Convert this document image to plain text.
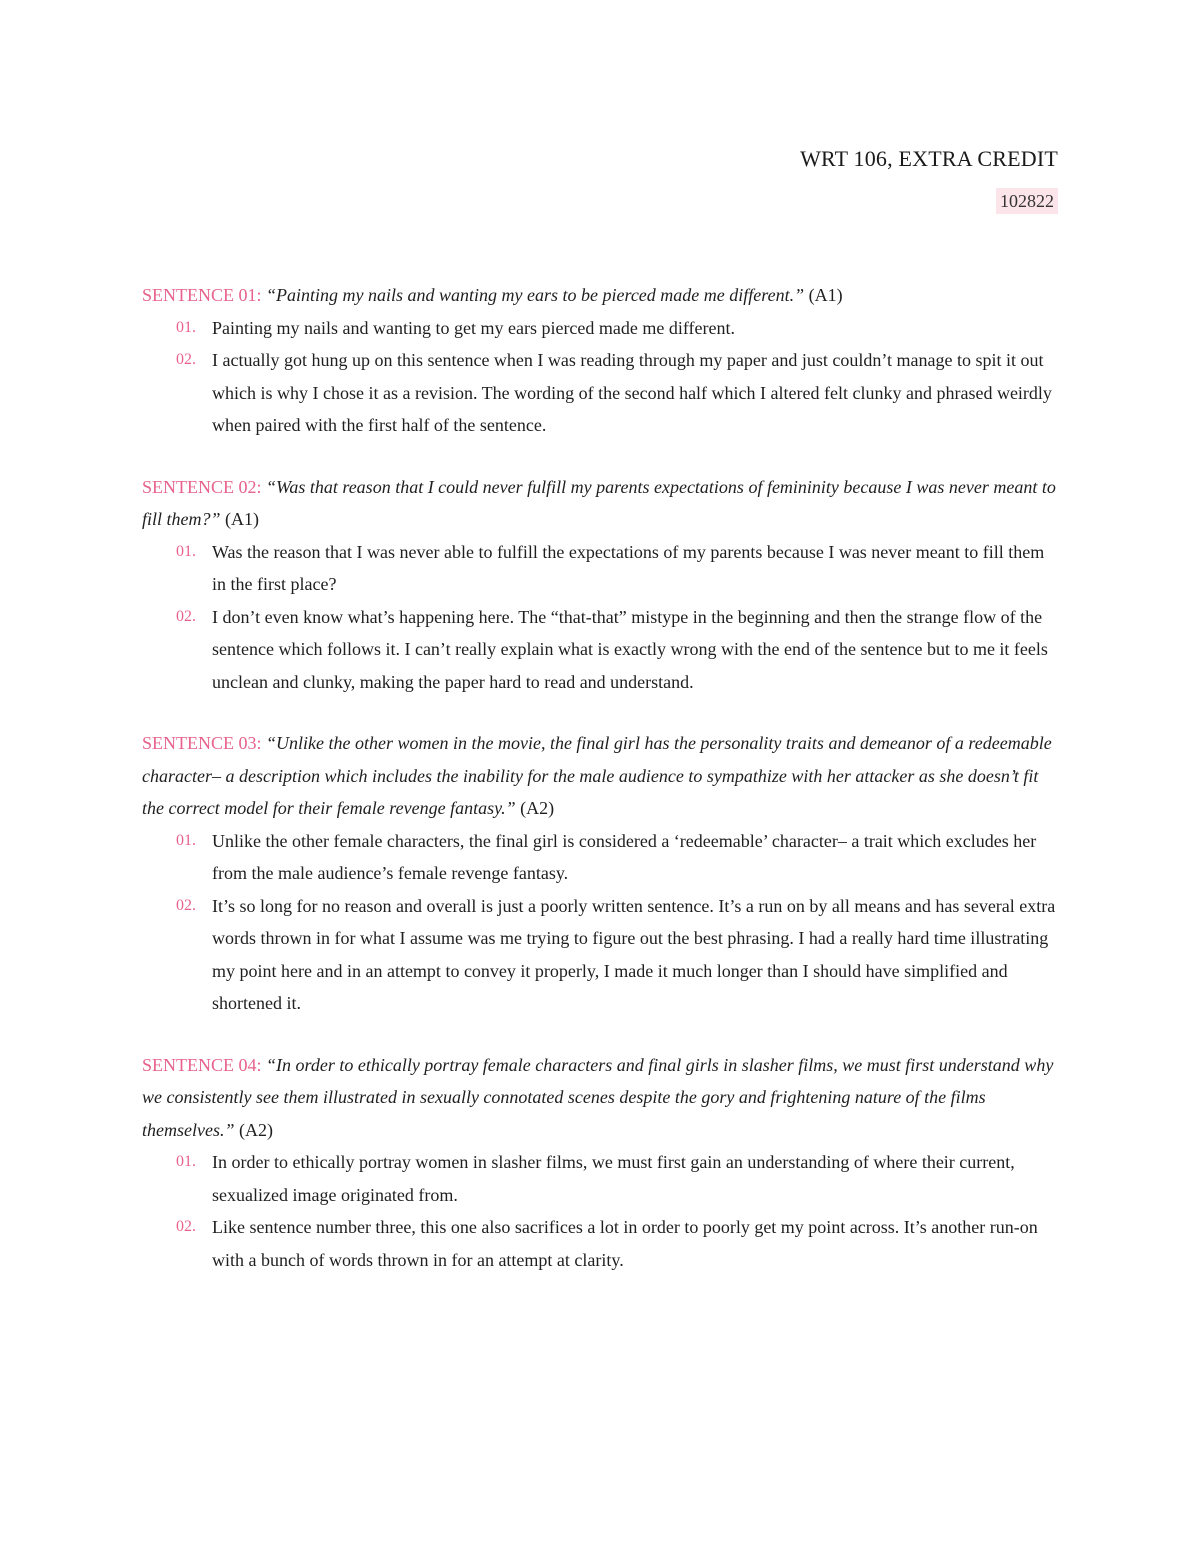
WRT 106, EXTRA CREDIT
102822
SENTENCE 01: “Painting my nails and wanting my ears to be pierced made me different.” (A1)
01. Painting my nails and wanting to get my ears pierced made me different.
02. I actually got hung up on this sentence when I was reading through my paper and just couldn’t manage to spit it out which is why I chose it as a revision. The wording of the second half which I altered felt clunky and phrased weirdly when paired with the first half of the sentence.
SENTENCE 02: “Was that reason that I could never fulfill my parents expectations of femininity because I was never meant to fill them?” (A1)
01. Was the reason that I was never able to fulfill the expectations of my parents because I was never meant to fill them in the first place?
02. I don’t even know what’s happening here. The “that-that” mistype in the beginning and then the strange flow of the sentence which follows it. I can’t really explain what is exactly wrong with the end of the sentence but to me it feels unclean and clunky, making the paper hard to read and understand.
SENTENCE 03: “Unlike the other women in the movie, the final girl has the personality traits and demeanor of a redeemable character– a description which includes the inability for the male audience to sympathize with her attacker as she doesn’t fit the correct model for their female revenge fantasy.” (A2)
01. Unlike the other female characters, the final girl is considered a ‘redeemable’ character– a trait which excludes her from the male audience’s female revenge fantasy.
02. It’s so long for no reason and overall is just a poorly written sentence. It’s a run on by all means and has several extra words thrown in for what I assume was me trying to figure out the best phrasing. I had a really hard time illustrating my point here and in an attempt to convey it properly, I made it much longer than I should have simplified and shortened it.
SENTENCE 04: “In order to ethically portray female characters and final girls in slasher films, we must first understand why we consistently see them illustrated in sexually connotated scenes despite the gory and frightening nature of the films themselves.” (A2)
01. In order to ethically portray women in slasher films, we must first gain an understanding of where their current, sexualized image originated from.
02. Like sentence number three, this one also sacrifices a lot in order to poorly get my point across. It’s another run-on with a bunch of words thrown in for an attempt at clarity.
